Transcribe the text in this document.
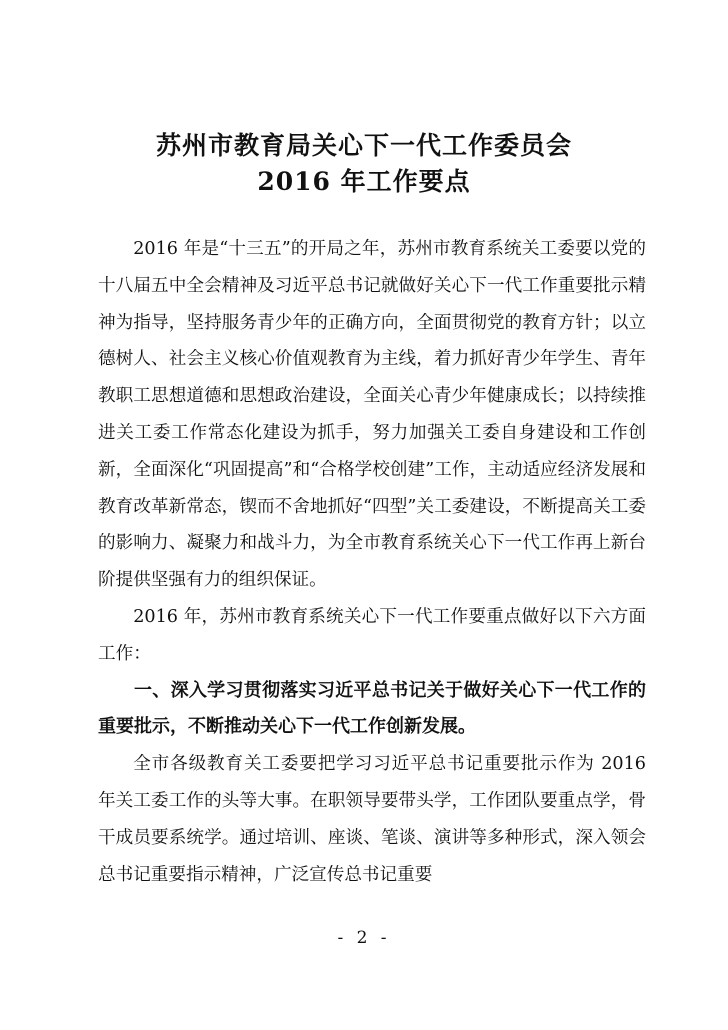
苏州市教育局关心下一代工作委员会
2016 年工作要点

2016 年是“十三五”的开局之年，苏州市教育系统关工委要以党的十八届五中全会精神及习近平总书记就做好关心下一代工作重要批示精神为指导，坚持服务青少年的正确方向，全面贯彻党的教育方针；以立德树人、社会主义核心价值观教育为主线，着力抓好青少年学生、青年教职工思想道德和思想政治建设，全面关心青少年健康成长；以持续推进关工委工作常态化建设为抓手，努力加强关工委自身建设和工作创新，全面深化“巩固提高”和“合格学校创建”工作，主动适应经济发展和教育改革新常态，锲而不舍地抓好“四型”关工委建设，不断提高关工委的影响力、凝聚力和战斗力，为全市教育系统关心下一代工作再上新台阶提供坚强有力的组织保证。

2016 年，苏州市教育系统关心下一代工作要重点做好以下六方面工作：

一、深入学习贯彻落实习近平总书记关于做好关心下一代工作的重要批示，不断推动关心下一代工作创新发展。

全市各级教育关工委要把学习习近平总书记重要批示作为 2016 年关工委工作的头等大事。在职领导要带头学，工作团队要重点学，骨干成员要系统学。通过培训、座谈、笔谈、演讲等多种形式，深入领会总书记重要指示精神，广泛宣传总书记重要

- 2 -
